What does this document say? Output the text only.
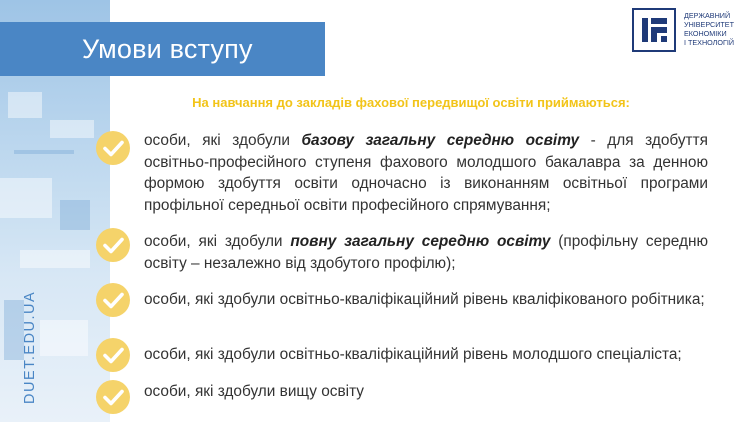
Умови вступу
DUET.EDU.UA
ДЕРЖАВНИЙ
УНІВЕРСИТЕТ
ЕКОНОМІКИ
І ТЕХНОЛОГІЙ
На навчання до закладів фахової передвищої освіти приймаються:
особи, які здобули базову загальну середню освіту - для здобуття освітньо-професійного ступеня фахового молодшого бакалавра за денною формою здобуття освіти одночасно із виконанням освітньої програми профільної середньої освіти професійного спрямування;
особи, які здобули повну загальну середню освіту (профільну середню освіту – незалежно від здобутого профілю);
особи, які здобули освітньо-кваліфікаційний рівень кваліфікованого робітника;
особи, які здобули освітньо-кваліфікаційний рівень молодшого спеціаліста;
особи, які здобули вищу освіту
